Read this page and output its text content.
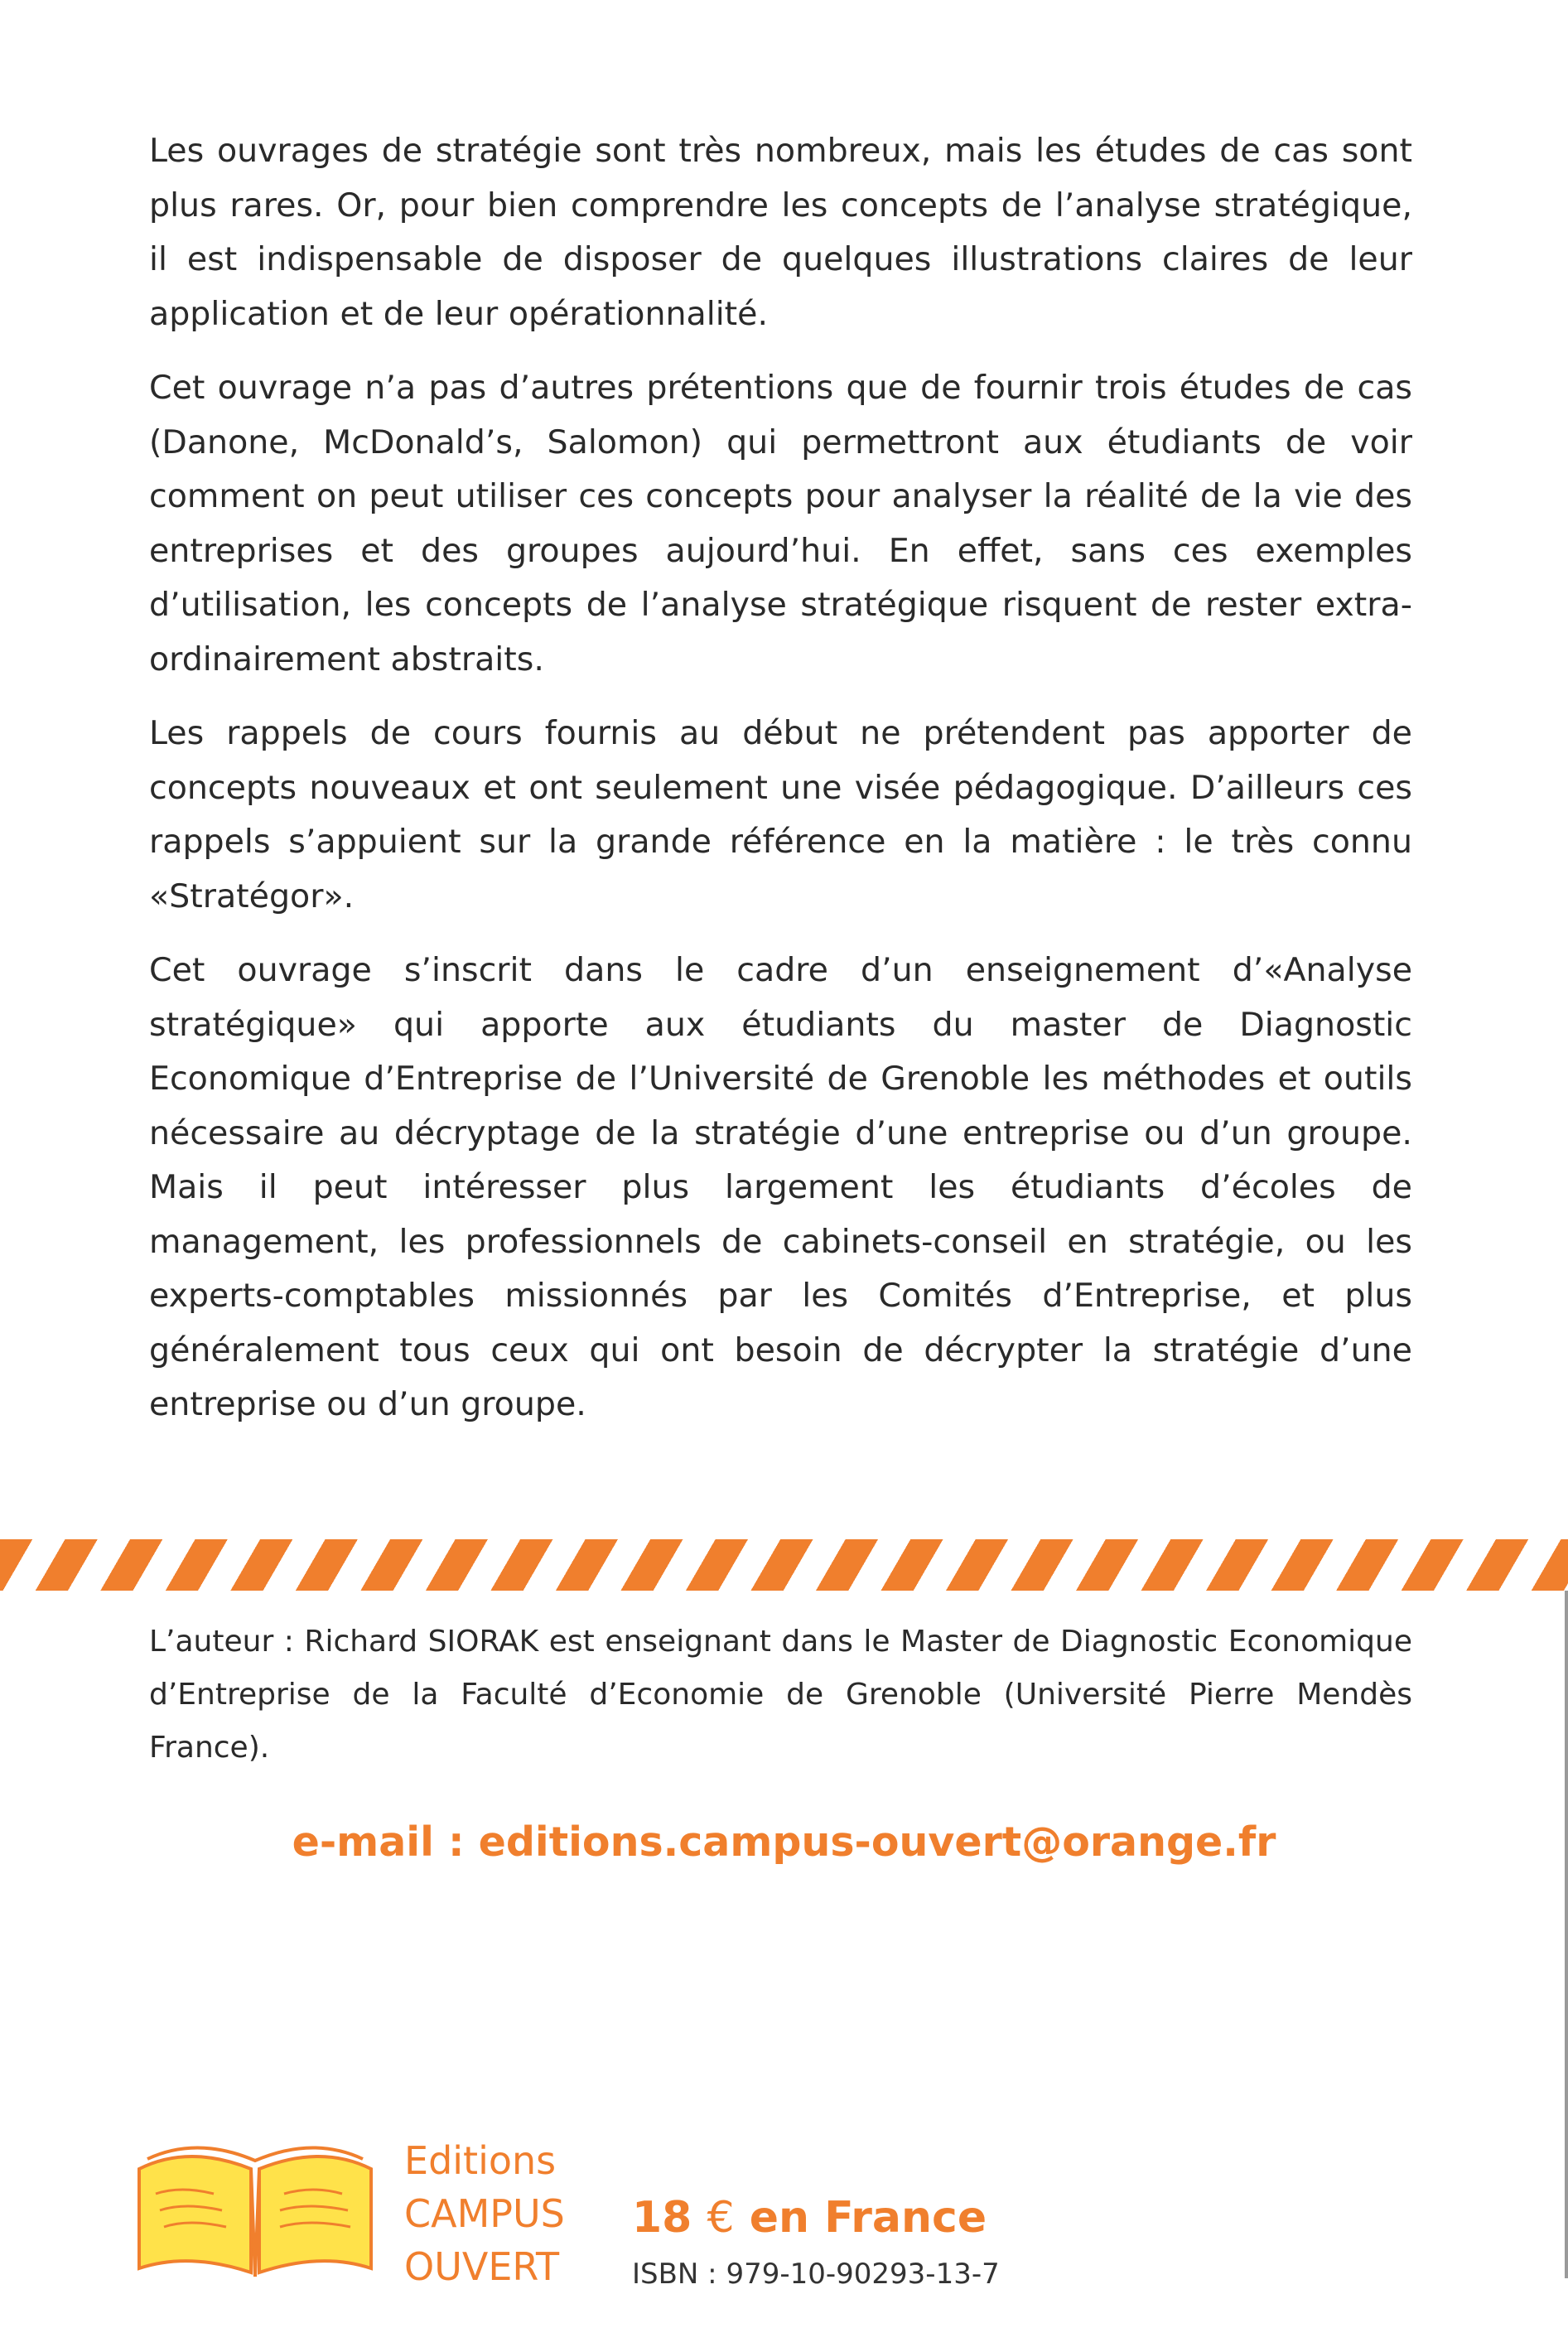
Les ouvrages de stratégie sont très nombreux, mais les études de cas sont plus rares. Or, pour bien comprendre les concepts de l’analyse stratégique, il est indispensable de disposer de quelques illustrations claires de leur application et de leur opérationnalité.

Cet ouvrage n’a pas d’autres prétentions que de fournir trois études de cas (Danone, McDonald’s, Salomon) qui permettront aux étudiants de voir comment on peut utiliser ces concepts pour analyser la réalité de la vie des entreprises et des groupes aujourd’hui. En effet, sans ces exemples d’utilisation, les concepts de l’analyse stratégique risquent de rester extra-ordinairement abstraits.

Les rappels de cours fournis au début ne prétendent pas apporter de concepts nouveaux et ont seulement une visée pédagogique. D’ailleurs ces rappels s’appuient sur la grande référence en la matière : le très connu «Stratégor».

Cet ouvrage s’inscrit dans le cadre d’un enseignement d’«Analyse stratégique» qui apporte aux étudiants du master de Diagnostic Economique d’Entreprise de l’Université de Grenoble les méthodes et outils nécessaire au décryptage de la stratégie d’une entreprise ou d’un groupe. Mais il peut intéresser plus largement les étudiants d’écoles de management, les professionnels de cabinets-conseil en stratégie, ou les experts-comptables missionnés par les Comités d’Entreprise, et plus généralement tous ceux qui ont besoin de décrypter la stratégie d’une entreprise ou d’un groupe.

L’auteur : Richard SIORAK est enseignant dans le Master de Diagnostic Economique d’Entreprise de la Faculté d’Economie de Grenoble (Université Pierre Mendès France).
e-mail : editions.campus-ouvert@orange.fr
Editions
CAMPUS
OUVERT
18 € en France
ISBN : 979-10-90293-13-7
